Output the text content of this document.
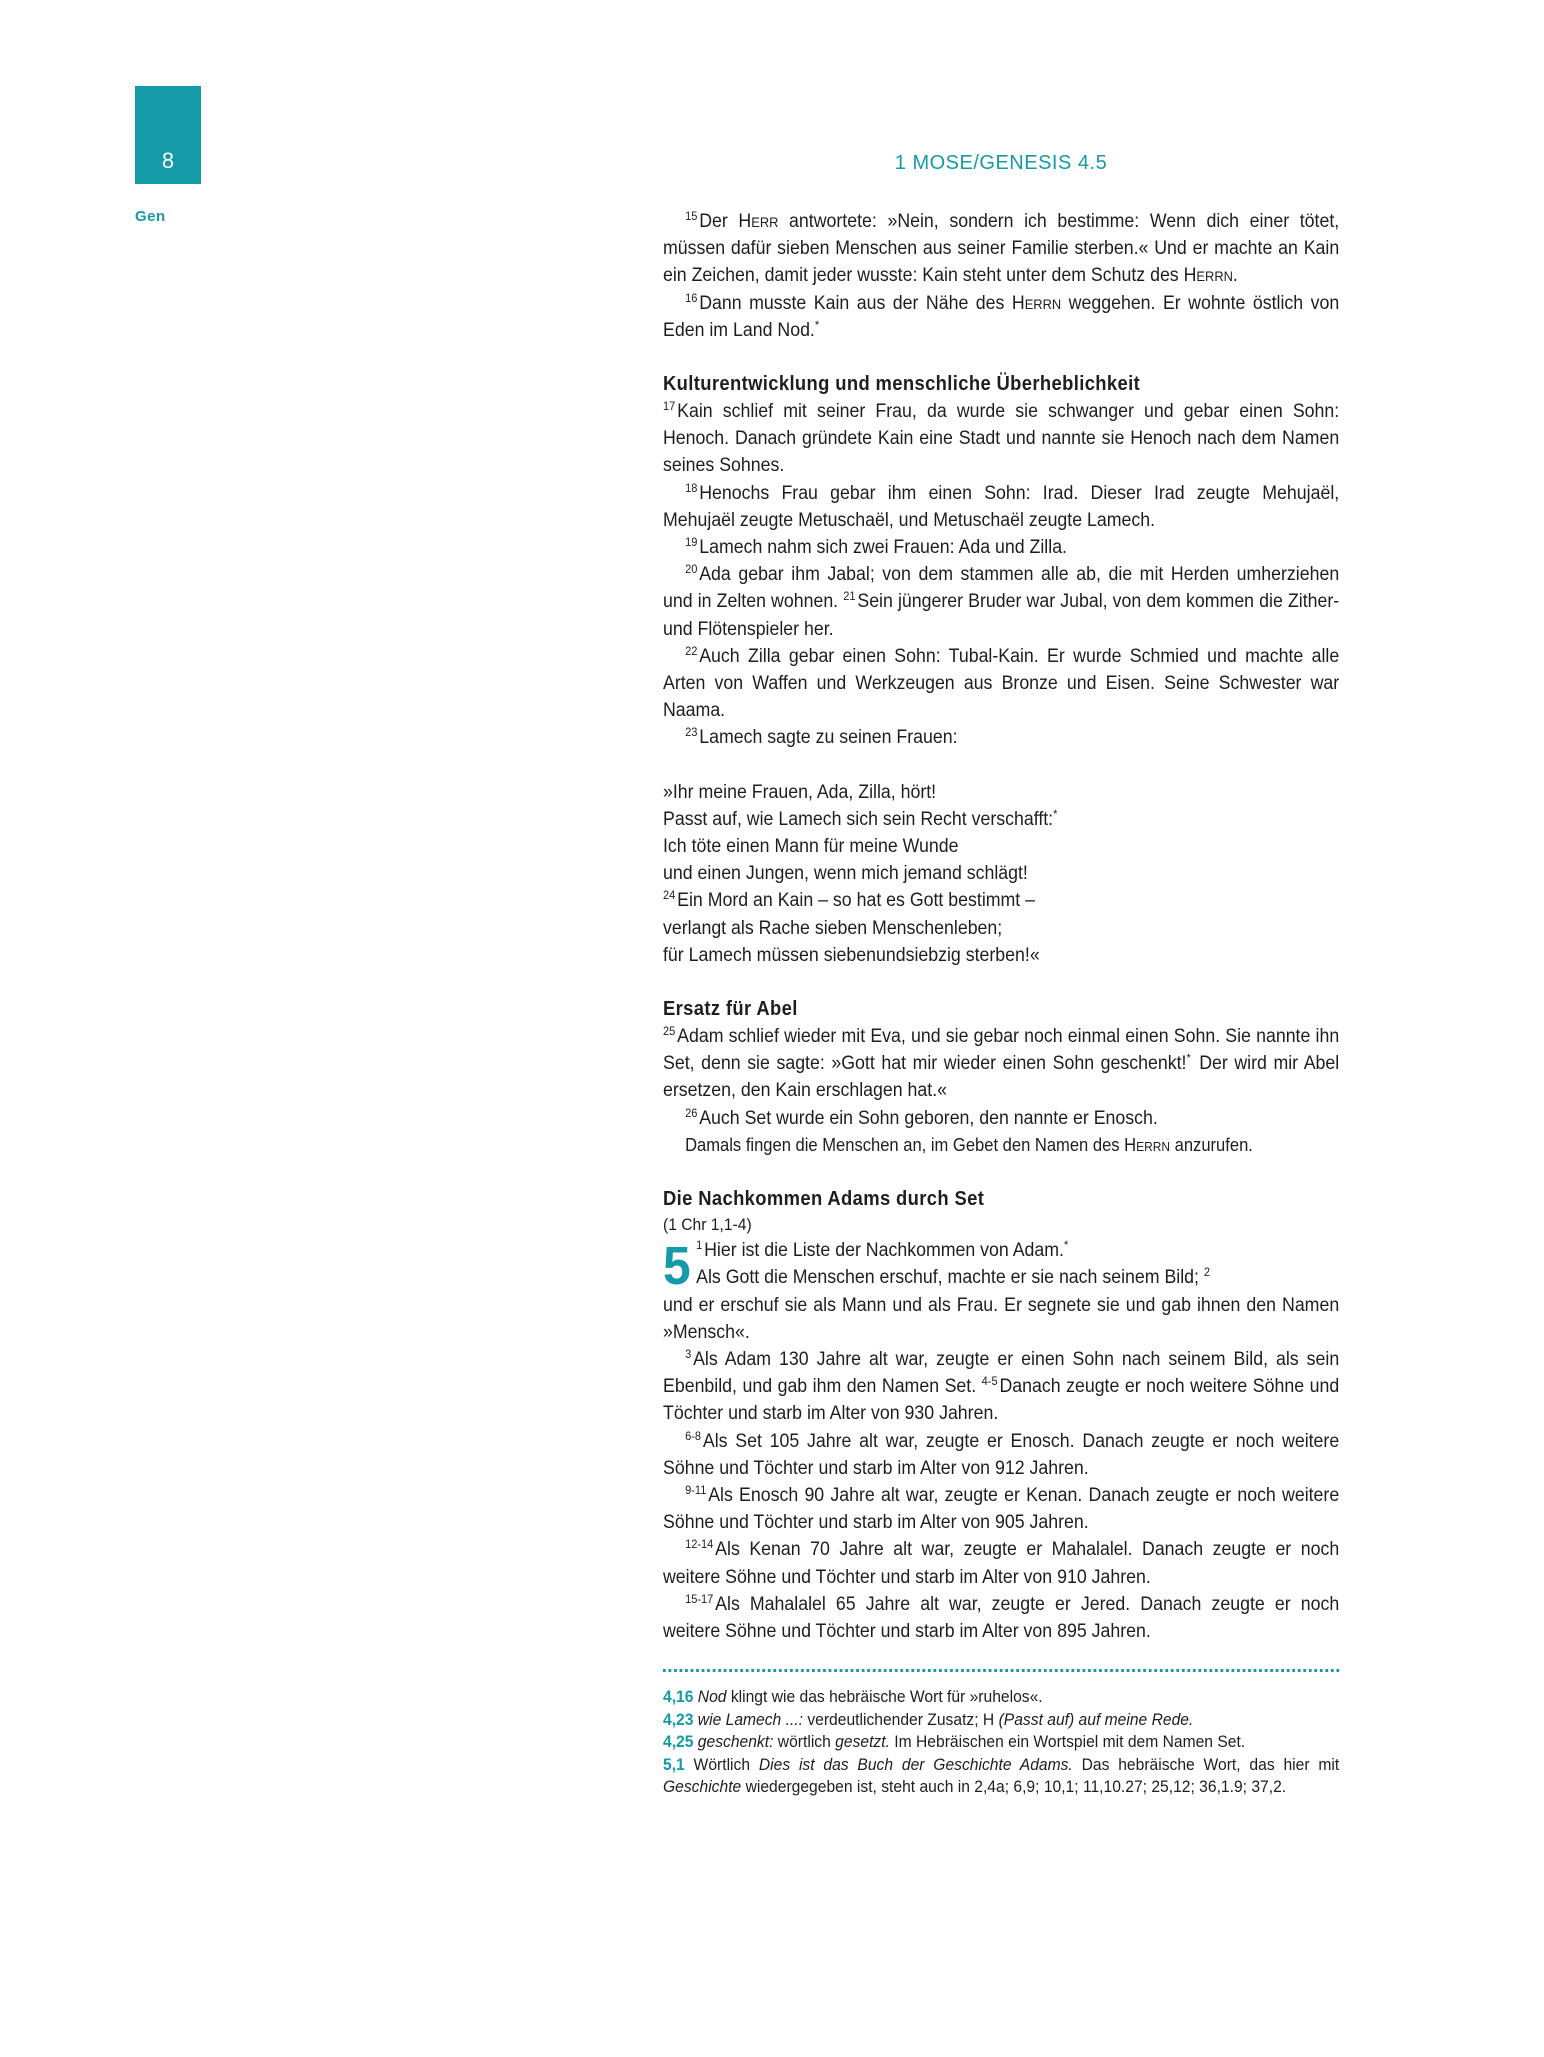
8
Gen
1 MOSE/GENESIS 4.5

$^{15}$Der Herr antwortete: »Nein, sondern ich bestimme: Wenn dich einer tötet, müssen dafür sieben Menschen aus seiner Familie sterben.« Und er machte an Kain ein Zeichen, damit jeder wusste: Kain steht unter dem Schutz des Herrn.

$^{16}$Dann musste Kain aus der Nähe des Herrn weggehen. Er wohnte östlich von Eden im Land Nod.*

Kulturentwicklung und menschliche Überheblichkeit

$^{17}$Kain schlief mit seiner Frau, da wurde sie schwanger und gebar einen Sohn: Henoch. Danach gründete Kain eine Stadt und nannte sie Henoch nach dem Namen seines Sohnes.

$^{18}$Henochs Frau gebar ihm einen Sohn: Irad. Dieser Irad zeugte Mehujaël, Mehujaël zeugte Metuschaël, und Metuschaël zeugte Lamech.

$^{19}$Lamech nahm sich zwei Frauen: Ada und Zilla.

$^{20}$Ada gebar ihm Jabal; von dem stammen alle ab, die mit Herden umherziehen und in Zelten wohnen. $^{21}$Sein jüngerer Bruder war Jubal, von dem kommen die Zither- und Flötenspieler her.

$^{22}$Auch Zilla gebar einen Sohn: Tubal-Kain. Er wurde Schmied und machte alle Arten von Waffen und Werkzeugen aus Bronze und Eisen. Seine Schwester war Naama.

$^{23}$Lamech sagte zu seinen Frauen:

»Ihr meine Frauen, Ada, Zilla, hört!

Passt auf, wie Lamech sich sein Recht verschafft:*

Ich töte einen Mann für meine Wunde

und einen Jungen, wenn mich jemand schlägt!

$^{24}$Ein Mord an Kain – so hat es Gott bestimmt –

verlangt als Rache sieben Menschenleben;

für Lamech müssen siebenundsiebzig sterben!«

Ersatz für Abel

$^{25}$Adam schlief wieder mit Eva, und sie gebar noch einmal einen Sohn. Sie nannte ihn Set, denn sie sagte: »Gott hat mir wieder einen Sohn geschenkt!* Der wird mir Abel ersetzen, den Kain erschlagen hat.«

$^{26}$Auch Set wurde ein Sohn geboren, den nannte er Enosch.

Damals fingen die Menschen an, im Gebet den Namen des Herrn anzurufen.

Die Nachkommen Adams durch Set
(1 Chr 1,1-4)
5 $^1$Hier ist die Liste der Nachkommen von Adam.*

Als Gott die Menschen erschuf, machte er sie nach seinem Bild; $^2$

und er erschuf sie als Mann und als Frau. Er segnete sie und gab ihnen den Namen »Mensch«.

$^3$Als Adam 130 Jahre alt war, zeugte er einen Sohn nach seinem Bild, als sein Ebenbild, und gab ihm den Namen Set. $^{4-5}$Danach zeugte er noch weitere Söhne und Töchter und starb im Alter von 930 Jahren.

$^{6-8}$Als Set 105 Jahre alt war, zeugte er Enosch. Danach zeugte er noch weitere Söhne und Töchter und starb im Alter von 912 Jahren.

$^{9-11}$Als Enosch 90 Jahre alt war, zeugte er Kenan. Danach zeugte er noch weitere Söhne und Töchter und starb im Alter von 905 Jahren.

$^{12-14}$Als Kenan 70 Jahre alt war, zeugte er Mahalalel. Danach zeugte er noch weitere Söhne und Töchter und starb im Alter von 910 Jahren.

$^{15-17}$Als Mahalalel 65 Jahre alt war, zeugte er Jered. Danach zeugte er noch weitere Söhne und Töchter und starb im Alter von 895 Jahren.

4,16 Nod klingt wie das hebräische Wort für »ruhelos«.

4,23 wie Lamech ...: verdeutlichender Zusatz; H (Passt auf) auf meine Rede.

4,25 geschenkt: wörtlich gesetzt. Im Hebräischen ein Wortspiel mit dem Namen Set.

5,1 Wörtlich Dies ist das Buch der Geschichte Adams. Das hebräische Wort, das hier mit Geschichte wiedergegeben ist, steht auch in 2,4a; 6,9; 10,1; 11,10.27; 25,12; 36,1.9; 37,2.
